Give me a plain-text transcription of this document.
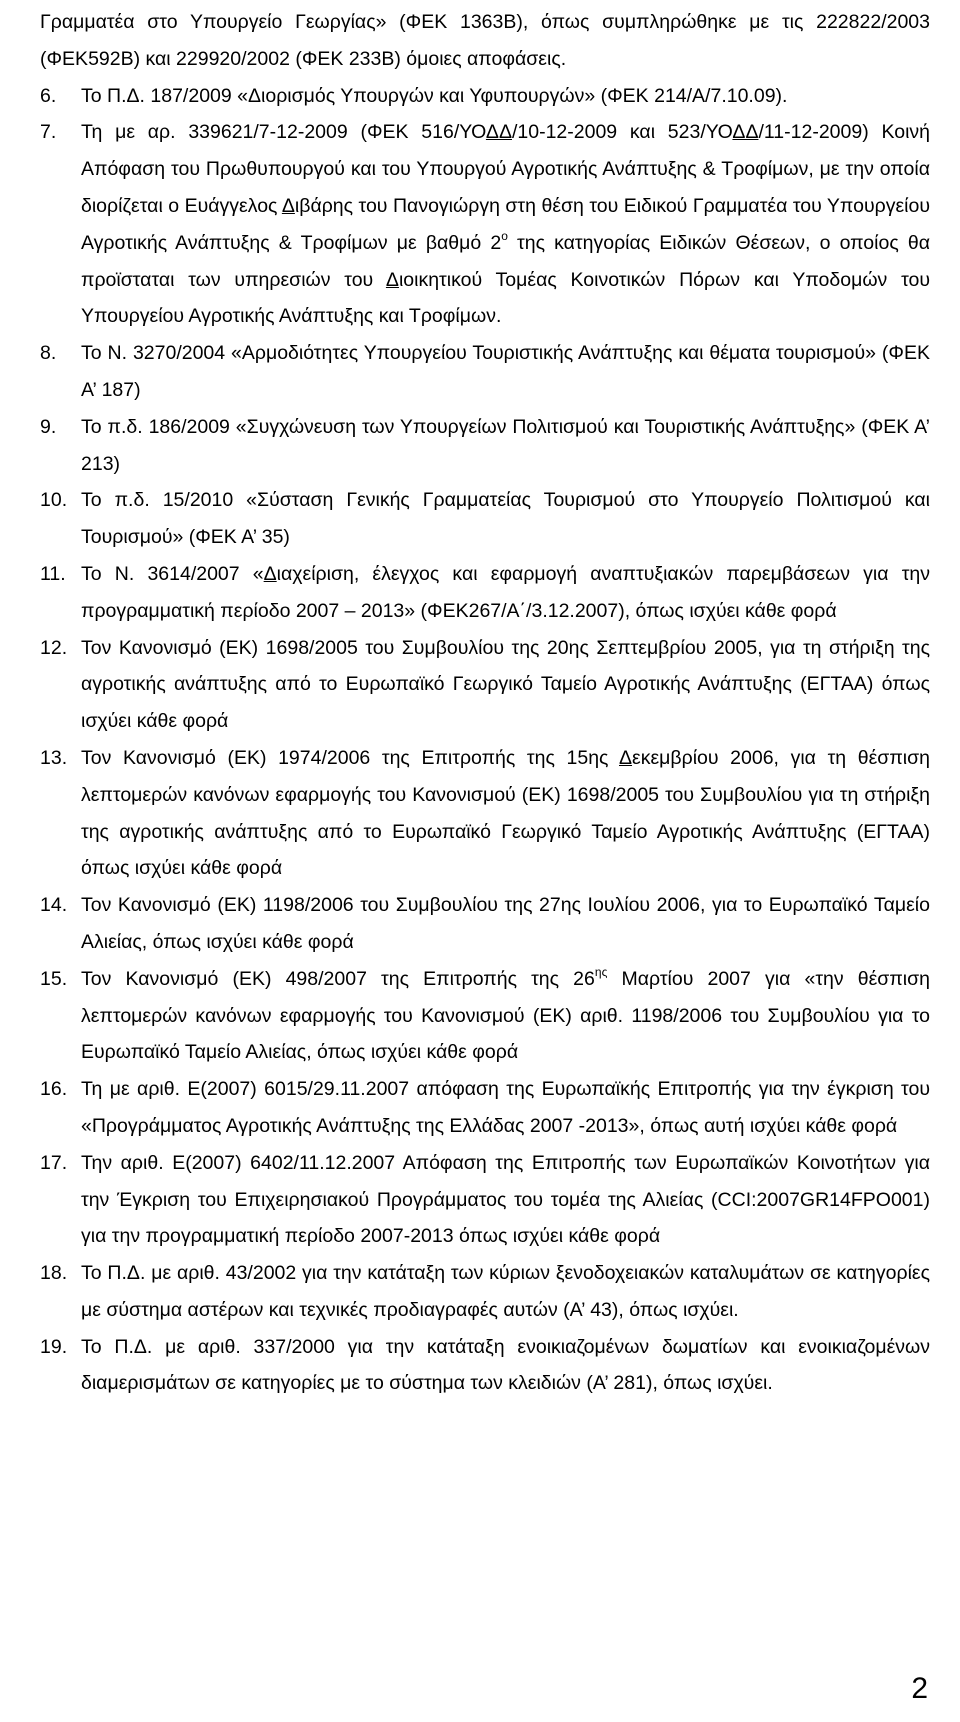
Γραμματέα στο Υπουργείο Γεωργίας» (ΦΕΚ 1363Β), όπως συμπληρώθηκε με τις 222822/2003 (ΦΕΚ592Β) και 229920/2002 (ΦΕΚ 233Β) όμοιες αποφάσεις.

6. Το Π.Δ. 187/2009 «Διορισμός Υπουργών και Υφυπουργών» (ΦΕΚ 214/Α/7.10.09).
7. Τη με αρ. 339621/7-12-2009 (ΦΕΚ 516/ΥΟΔΔ/10-12-2009 και 523/ΥΟΔΔ/11-12-2009) Κοινή Απόφαση του Πρωθυπουργού και του Υπουργού Αγροτικής Ανάπτυξης & Τροφίμων, με την οποία διορίζεται ο Ευάγγελος Διβάρης του Πανογιώργη στη θέση του Ειδικού Γραμματέα του Υπουργείου Αγροτικής Ανάπτυξης & Τροφίμων με βαθμό $2^o$ της κατηγορίας Ειδικών Θέσεων, ο οποίος θα προϊσταται των υπηρεσιών του Διοικητικού Τομέας Κοινοτικών Πόρων και Υποδομών του Υπουργείου Αγροτικής Ανάπτυξης και Τροφίμων.
8. Το Ν. 3270/2004 «Αρμοδιότητες Υπουργείου Τουριστικής Ανάπτυξης και θέματα τουρισμού» (ΦΕΚ Α’ 187)
9. Το π.δ. 186/2009 «Συγχώνευση των Υπουργείων Πολιτισμού και Τουριστικής Ανάπτυξης» (ΦΕΚ Α’ 213)
10. Το π.δ. 15/2010 «Σύσταση Γενικής Γραμματείας Τουρισμού στο Υπουργείο Πολιτισμού και Τουρισμού» (ΦΕΚ Α’ 35)
11. Το Ν. 3614/2007 «Διαχείριση, έλεγχος και εφαρμογή αναπτυξιακών παρεμβάσεων για την προγραμματική περίοδο 2007 – 2013» (ΦΕΚ267/Α΄/3.12.2007), όπως ισχύει κάθε φορά
12. Τον Κανονισμό (ΕΚ) 1698/2005 του Συμβουλίου της 20ης Σεπτεμβρίου 2005, για τη στήριξη της αγροτικής ανάπτυξης από το Ευρωπαϊκό Γεωργικό Ταμείο Αγροτικής Ανάπτυξης (ΕΓΤΑΑ) όπως ισχύει κάθε φορά
13. Τον Κανονισμό (ΕΚ) 1974/2006 της Επιτροπής της 15ης Δεκεμβρίου 2006, για τη θέσπιση λεπτομερών κανόνων εφαρμογής του Κανονισμού (ΕΚ) 1698/2005 του Συμβουλίου για τη στήριξη της αγροτικής ανάπτυξης από το Ευρωπαϊκό Γεωργικό Ταμείο Αγροτικής Ανάπτυξης (ΕΓΤΑΑ) όπως ισχύει κάθε φορά
14. Τον Κανονισμό (ΕΚ) 1198/2006 του Συμβουλίου της 27ης Ιουλίου 2006, για το Ευρωπαϊκό Ταμείο Αλιείας, όπως ισχύει κάθε φορά
15. Τον Κανονισμό (ΕΚ) 498/2007 της Επιτροπής της $26^{\eta\varsigma}$ Μαρτίου 2007 για «την θέσπιση λεπτομερών κανόνων εφαρμογής του Κανονισμού (ΕΚ) αριθ. 1198/2006 του Συμβουλίου για το Ευρωπαϊκό Ταμείο Αλιείας, όπως ισχύει κάθε φορά
16. Τη με αριθ. Ε(2007) 6015/29.11.2007 απόφαση της Ευρωπαϊκής Επιτροπής για την έγκριση του «Προγράμματος Αγροτικής Ανάπτυξης της Ελλάδας 2007 -2013», όπως αυτή ισχύει κάθε φορά
17. Την αριθ. Ε(2007) 6402/11.12.2007 Απόφαση της Επιτροπής των Ευρωπαϊκών Κοινοτήτων για την Έγκριση του Επιχειρησιακού Προγράμματος του τομέα της Αλιείας (CCI:2007GR14FPO001) για την προγραμματική περίοδο 2007-2013 όπως ισχύει κάθε φορά
18. Το Π.Δ. με αριθ. 43/2002 για την κατάταξη των κύριων ξενοδοχειακών καταλυμάτων σε κατηγορίες με σύστημα αστέρων και τεχνικές προδιαγραφές αυτών (Α’ 43), όπως ισχύει.
19. Το Π.Δ. με αριθ. 337/2000 για την κατάταξη ενοικιαζομένων δωματίων και ενοικιαζομένων διαμερισμάτων σε κατηγορίες με το σύστημα των κλειδιών (Α’ 281), όπως ισχύει.
2
